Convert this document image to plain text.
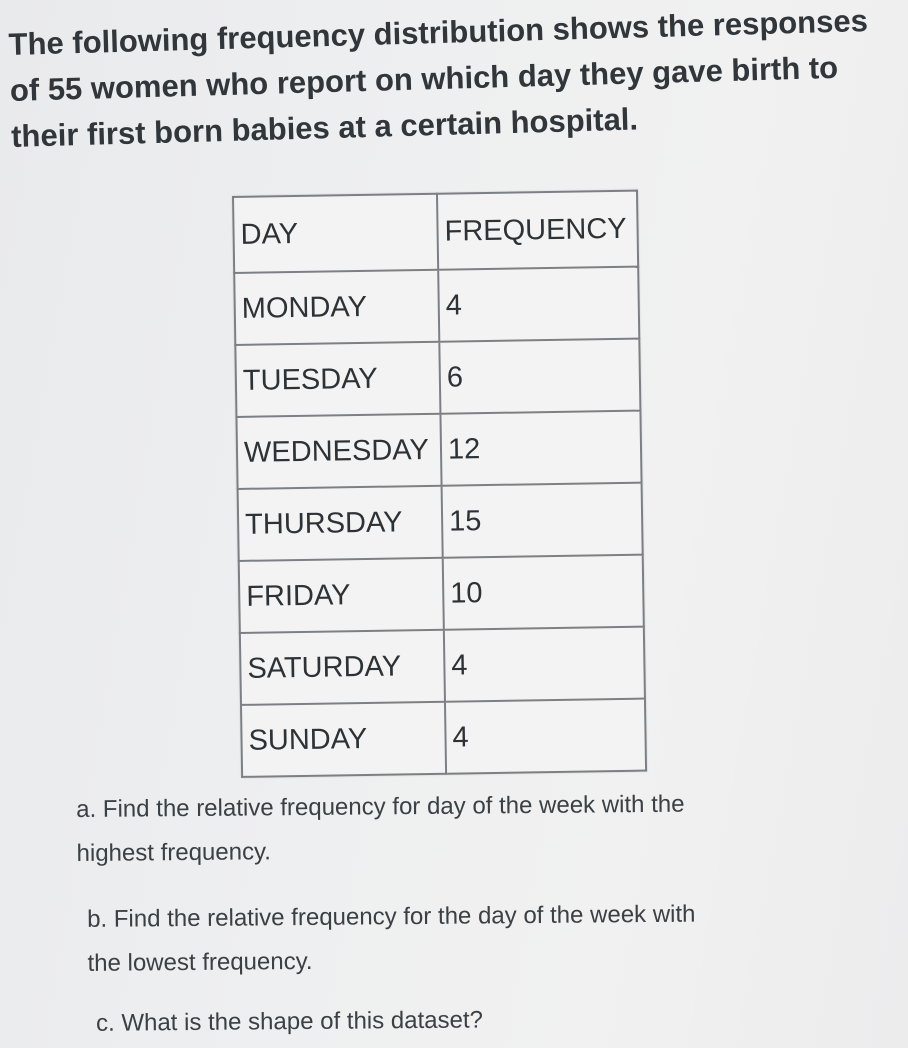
The following frequency distribution shows the responses
of 55 women who report on which day they gave birth to
their first born babies at a certain hospital.

DAY	FREQUENCY
MONDAY	4
TUESDAY	6
WEDNESDAY	12
THURSDAY	15
FRIDAY	10
SATURDAY	4
SUNDAY	4

a. Find the relative frequency for day of the week with the
highest frequency.

b. Find the relative frequency for the day of the week with
the lowest frequency.

c. What is the shape of this dataset?
